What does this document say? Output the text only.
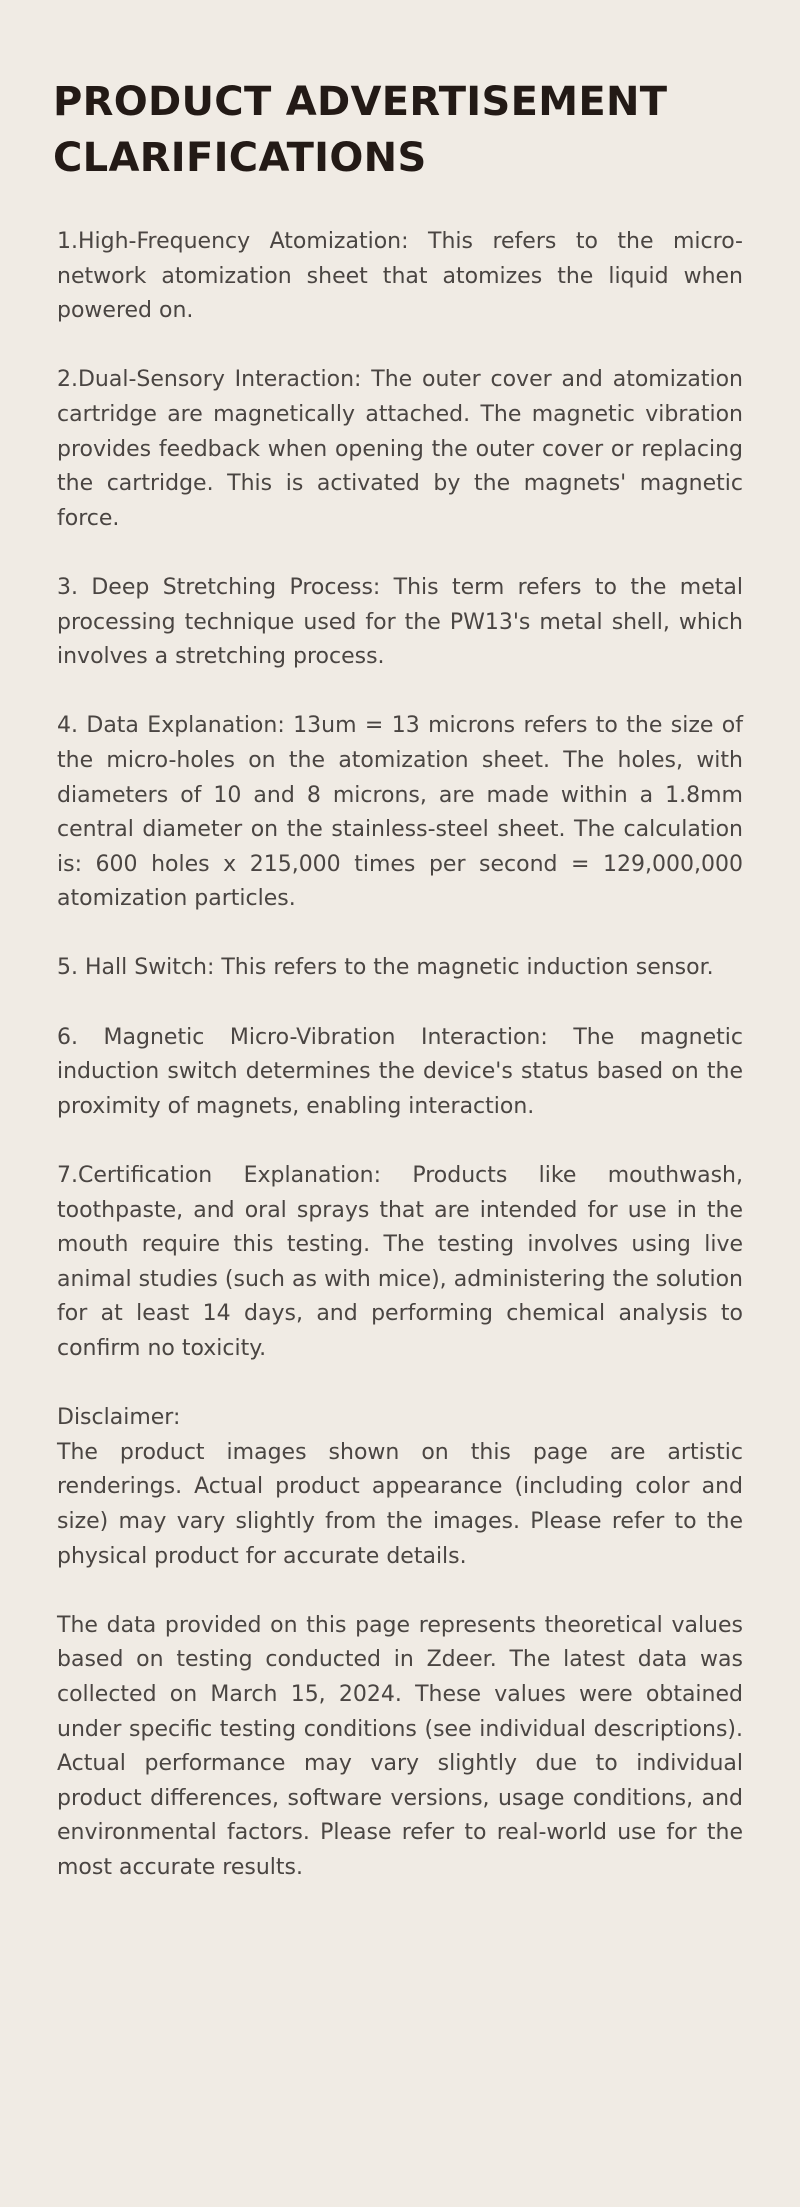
PRODUCT ADVERTISEMENT CLARIFICATIONS

1.High-Frequency Atomization: This refers to the micro-network atomization sheet that atomizes the liquid when powered on.

2.Dual-Sensory Interaction: The outer cover and atomization cartridge are magnetically attached. The magnetic vibration provides feedback when opening the outer cover or replacing the cartridge. This is activated by the magnets' magnetic force.

3. Deep Stretching Process: This term refers to the metal processing technique used for the PW13's metal shell, which involves a stretching process.

4. Data Explanation: 13um = 13 microns refers to the size of the micro-holes on the atomization sheet. The holes, with diameters of 10 and 8 microns, are made within a 1.8mm central diameter on the stainless-steel sheet. The calculation is: 600 holes x 215,000 times per second = 129,000,000 atomization particles.

5. Hall Switch: This refers to the magnetic induction sensor.

6. Magnetic Micro-Vibration Interaction: The magnetic induction switch determines the device's status based on the proximity of magnets, enabling interaction.

7.Certification Explanation: Products like mouthwash, toothpaste, and oral sprays that are intended for use in the mouth require this testing. The testing involves using live animal studies (such as with mice), administering the solution for at least 14 days, and performing chemical analysis to confirm no toxicity.

Disclaimer:
The product images shown on this page are artistic renderings. Actual product appearance (including color and size) may vary slightly from the images. Please refer to the physical product for accurate details.

The data provided on this page represents theoretical values based on testing conducted in Zdeer. The latest data was collected on March 15, 2024. These values were obtained under specific testing conditions (see individual descriptions). Actual performance may vary slightly due to individual product differences, software versions, usage conditions, and environmental factors. Please refer to real-world use for the most accurate results.
